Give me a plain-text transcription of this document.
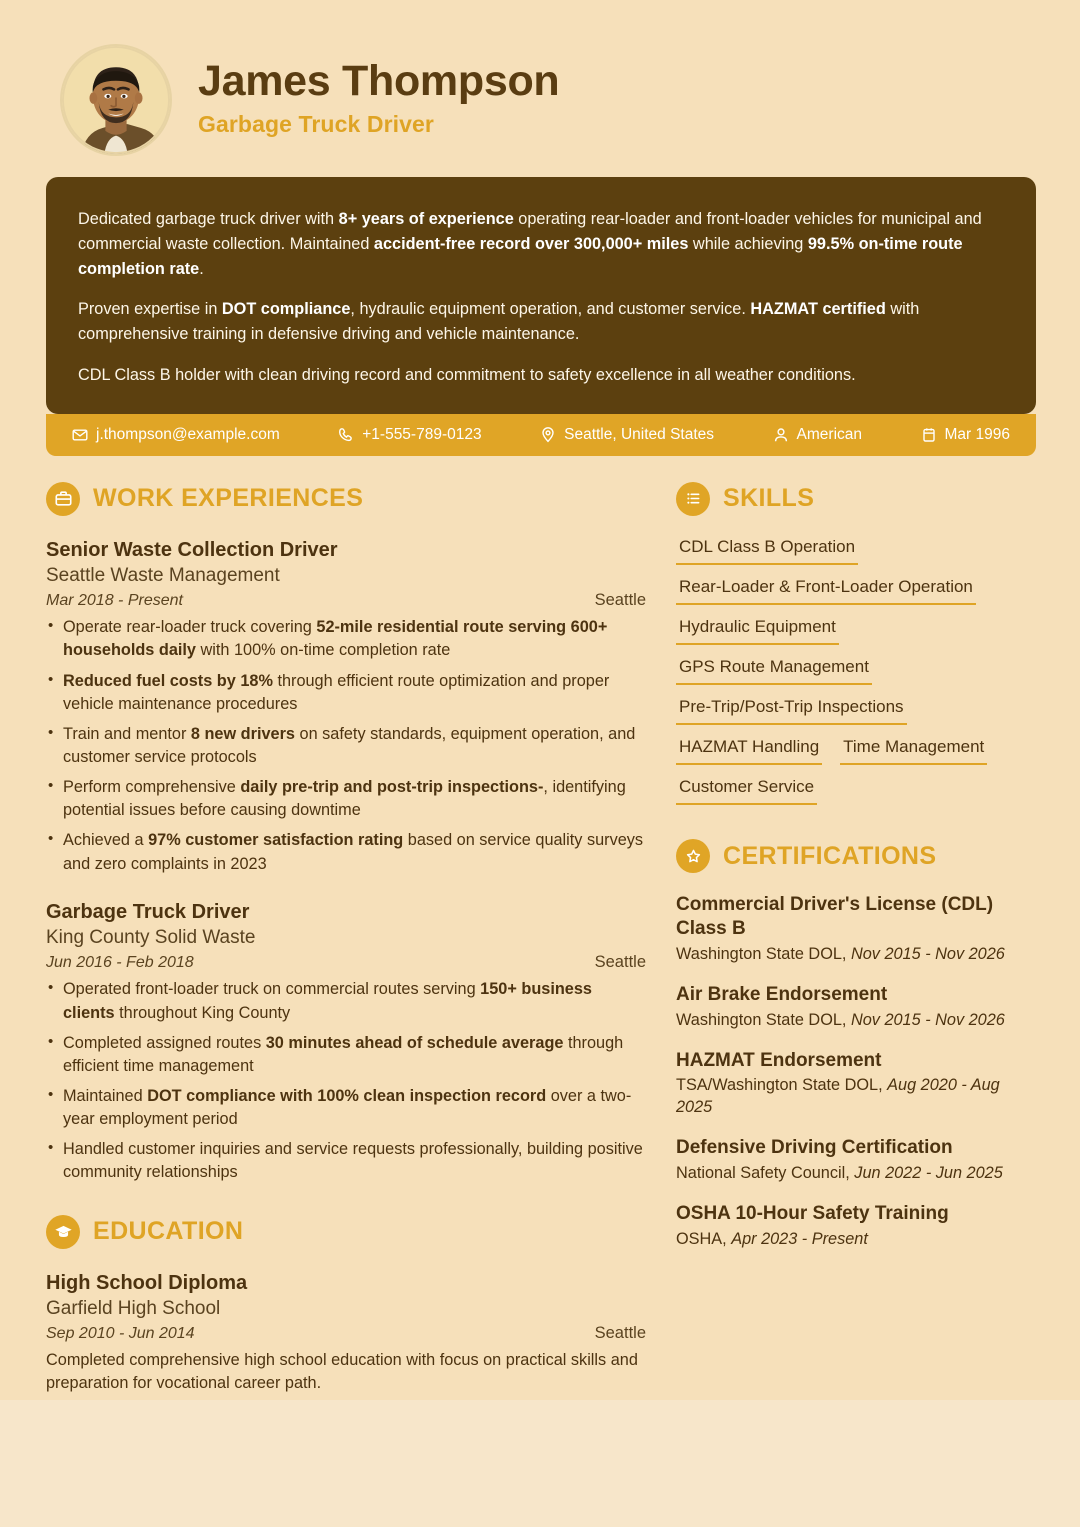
James Thompson
Garbage Truck Driver

Dedicated garbage truck driver with 8+ years of experience operating rear-loader and front-loader vehicles for municipal and commercial waste collection. Maintained accident-free record over 300,000+ miles while achieving 99.5% on-time route completion rate.

Proven expertise in DOT compliance, hydraulic equipment operation, and customer service. HAZMAT certified with comprehensive training in defensive driving and vehicle maintenance.

CDL Class B holder with clean driving record and commitment to safety excellence in all weather conditions.

j.thompson@example.com	+1-555-789-0123	Seattle, United States	American	Mar 1996
WORK EXPERIENCES
Senior Waste Collection Driver
Seattle Waste Management
Mar 2018 - Present	Seattle
• Operate rear-loader truck covering 52-mile residential route serving 600+ households daily with 100% on-time completion rate
• Reduced fuel costs by 18% through efficient route optimization and proper vehicle maintenance procedures
• Train and mentor 8 new drivers on safety standards, equipment operation, and customer service protocols
• Perform comprehensive daily pre-trip and post-trip inspections-, identifying potential issues before causing downtime
• Achieved a 97% customer satisfaction rating based on service quality surveys and zero complaints in 2023
Garbage Truck Driver
King County Solid Waste
Jun 2016 - Feb 2018	Seattle
• Operated front-loader truck on commercial routes serving 150+ business clients throughout King County
• Completed assigned routes 30 minutes ahead of schedule average through efficient time management
• Maintained DOT compliance with 100% clean inspection record over a two-year employment period
• Handled customer inquiries and service requests professionally, building positive community relationships
EDUCATION
High School Diploma
Garfield High School
Sep 2010 - Jun 2014	Seattle
Completed comprehensive high school education with focus on practical skills and preparation for vocational career path.
SKILLS
CDL Class B Operation
Rear-Loader & Front-Loader Operation
Hydraulic Equipment
GPS Route Management
Pre-Trip/Post-Trip Inspections
HAZMAT Handling Time Management
Customer Service
CERTIFICATIONS
Commercial Driver's License (CDL) Class B
Washington State DOL, Nov 2015 - Nov 2026
Air Brake Endorsement
Washington State DOL, Nov 2015 - Nov 2026
HAZMAT Endorsement
TSA/Washington State DOL, Aug 2020 - Aug 2025
Defensive Driving Certification
National Safety Council, Jun 2022 - Jun 2025
OSHA 10-Hour Safety Training
OSHA, Apr 2023 - Present
